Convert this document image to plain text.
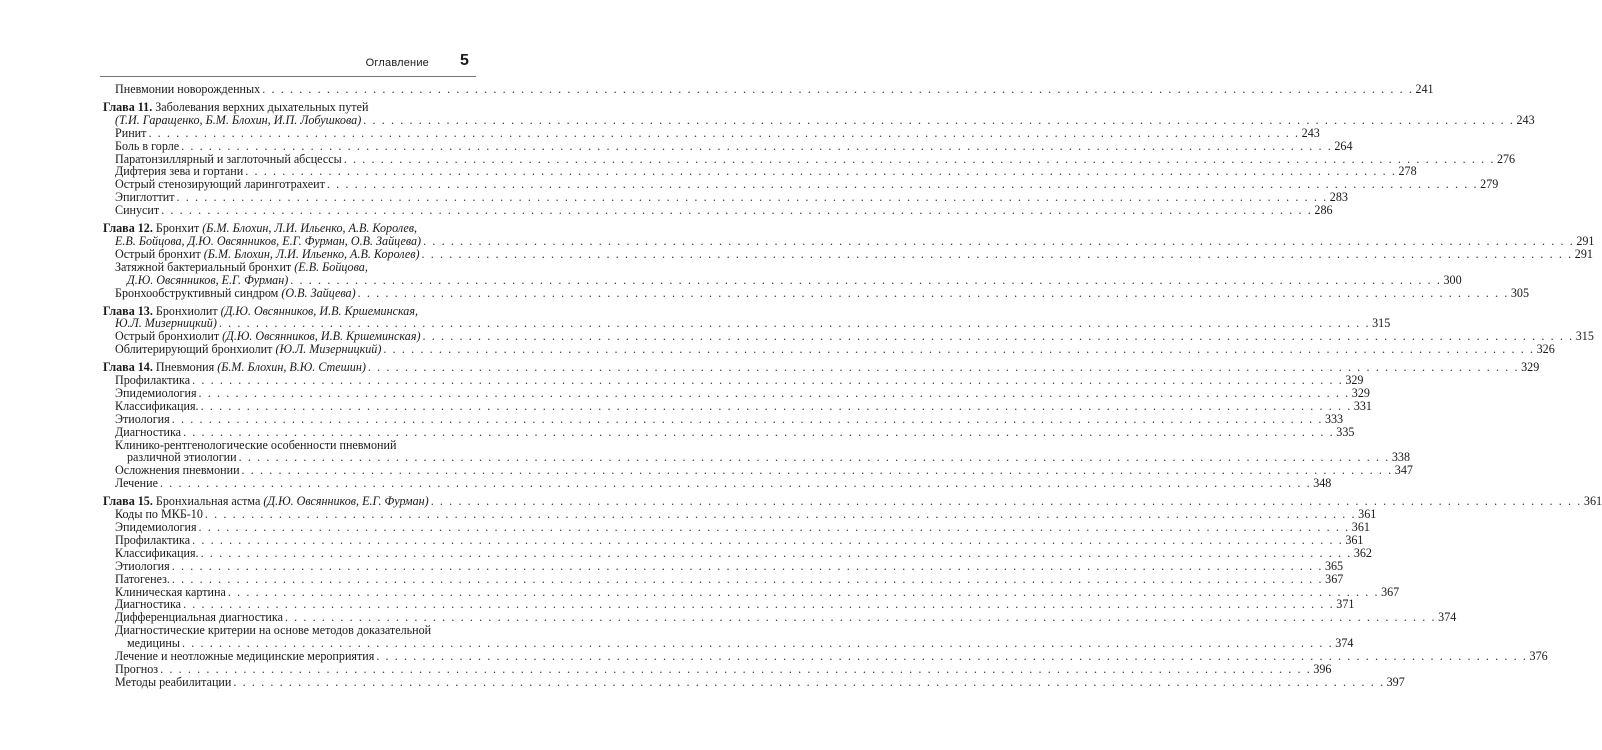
Оглавление 5
Пневмонии новорожденных . . .	241
Глава 11. Заболевания верхних дыхательных путей
(Т.И. Гаращенко, Б.М. Блохин, И.П. Лобушкова) . . .	243
Ринит . . .	243
Боль в горле . . .	264
Паратонзиллярный и заглоточный абсцессы . . .	276
Дифтерия зева и гортани . . .	278
Острый стенозирующий ларинготрахеит . . .	279
Эпиглоттит . . .	283
Синусит . . .	286
Глава 12. Бронхит (Б.М. Блохин, Л.И. Ильенко, А.В. Королев,
Е.В. Бойцова, Д.Ю. Овсянников, Е.Г. Фурман, О.В. Зайцева) . . .	291
Острый бронхит (Б.М. Блохин, Л.И. Ильенко, А.В. Королев) . . .	291
Затяжной бактериальный бронхит (Е.В. Бойцова,
Д.Ю. Овсянников, Е.Г. Фурман) . . .	300
Бронхообструктивный синдром (О.В. Зайцева) . . .	305
Глава 13. Бронхиолит (Д.Ю. Овсянников, И.В. Кршеминская,
Ю.Л. Мизерницкий) . . .	315
Острый бронхиолит (Д.Ю. Овсянников, И.В. Кршеминская) . . .	315
Облитерирующий бронхиолит (Ю.Л. Мизерницкий) . . .	326
Глава 14. Пневмония (Б.М. Блохин, В.Ю. Стешин) . . .	329
Профилактика . . .	329
Эпидемиология . . .	329
Классификация. . . .	331
Этиология . . .	333
Диагностика . . .	335
Клинико-рентгенологические особенности пневмоний
различной этиологии . . .	338
Осложнения пневмонии . . .	347
Лечение . . .	348
Глава 15. Бронхиальная астма (Д.Ю. Овсянников, Е.Г. Фурман) . . .	361
Коды по МКБ-10 . . .	361
Эпидемиология . . .	361
Профилактика . . .	361
Классификация. . . .	362
Этиология . . .	365
Патогенез. . . .	367
Клиническая картина . . .	367
Диагностика . . .	371
Дифференциальная диагностика . . .	374
Диагностические критерии на основе методов доказательной
медицины . . .	374
Лечение и неотложные медицинские мероприятия . . .	376
Прогноз . . .	396
Методы реабилитации . . .	397
